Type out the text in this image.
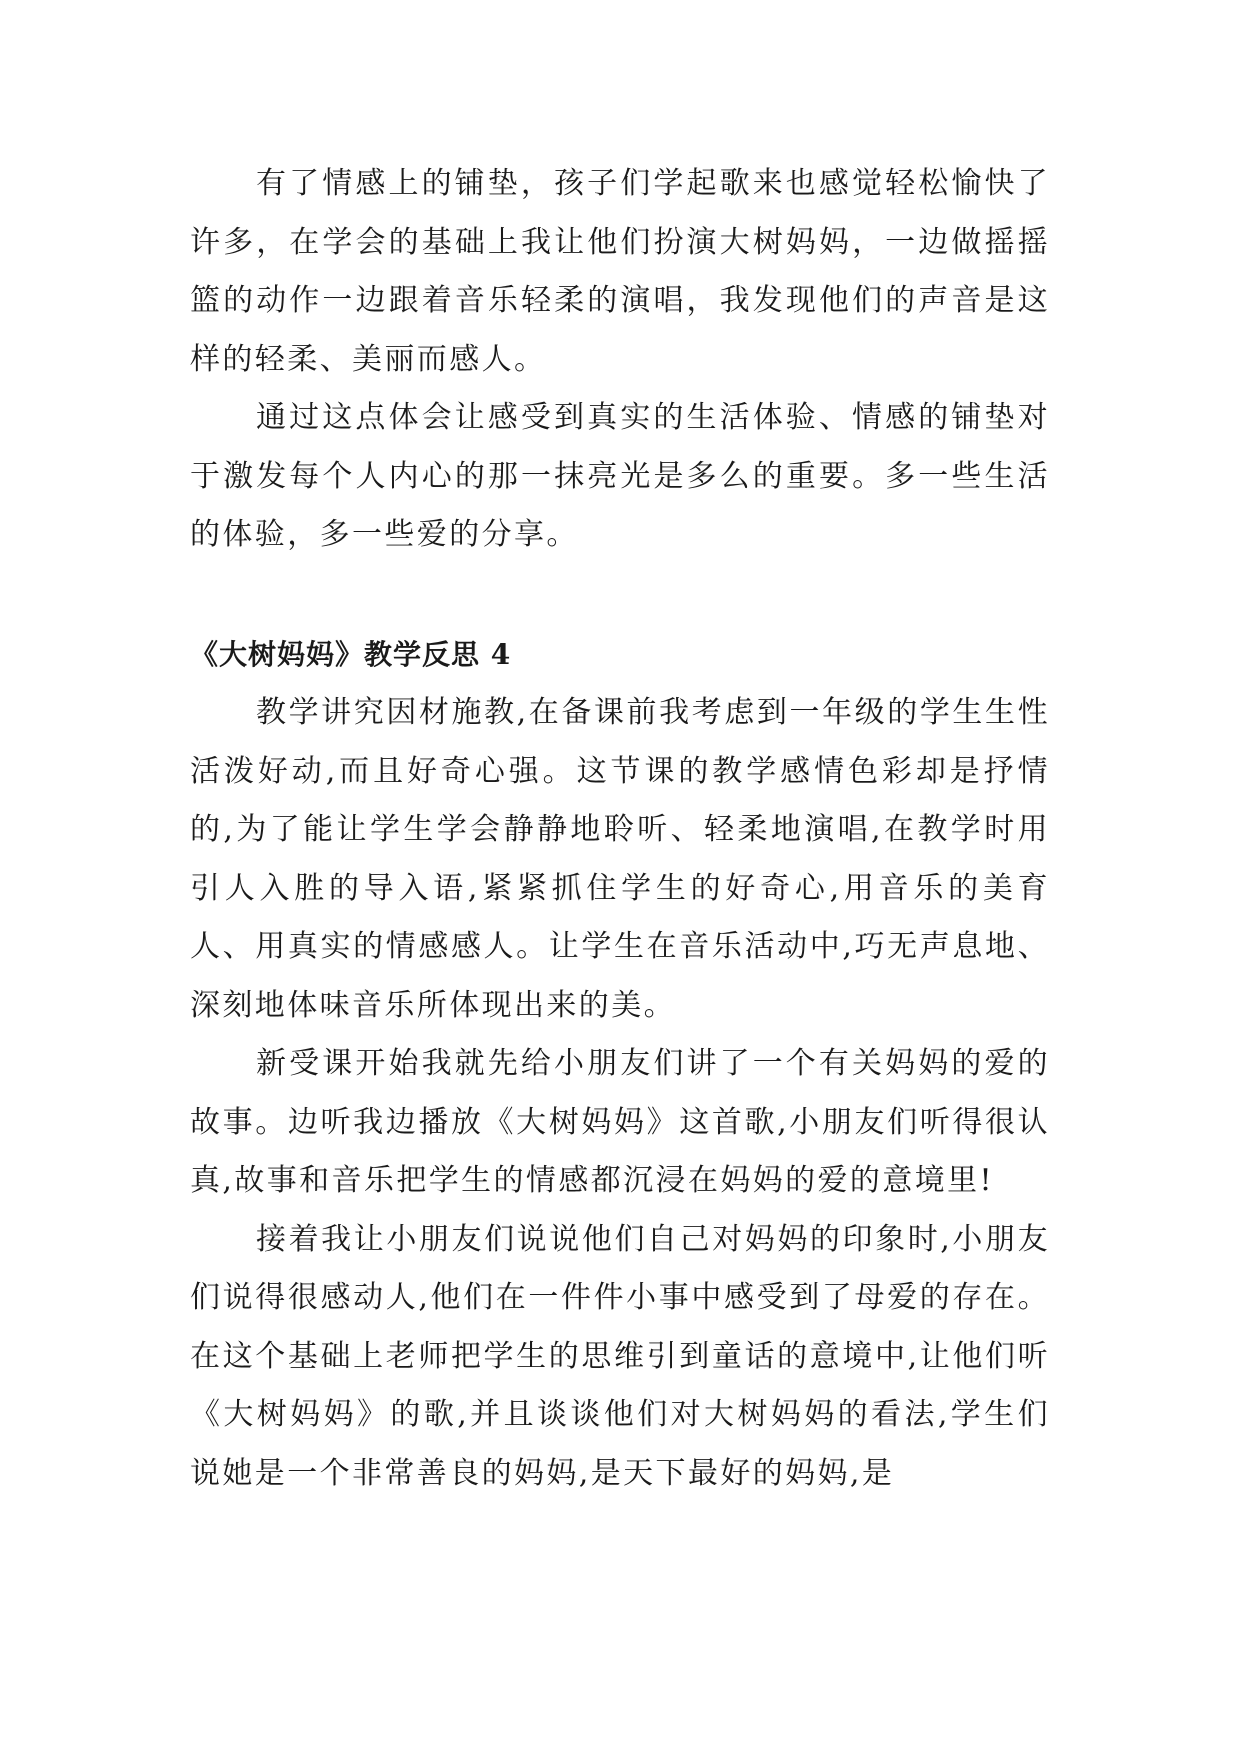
有了情感上的铺垫，孩子们学起歌来也感觉轻松愉快了许多，在学会的基础上我让他们扮演大树妈妈，一边做摇摇篮的动作一边跟着音乐轻柔的演唱，我发现他们的声音是这样的轻柔、美丽而感人。

通过这点体会让感受到真实的生活体验、情感的铺垫对于激发每个人内心的那一抹亮光是多么的重要。多一些生活的体验，多一些爱的分享。

《大树妈妈》教学反思 4

教学讲究因材施教,在备课前我考虑到一年级的学生生性活泼好动,而且好奇心强。这节课的教学感情色彩却是抒情的,为了能让学生学会静静地聆听、轻柔地演唱,在教学时用引人入胜的导入语,紧紧抓住学生的好奇心,用音乐的美育人、用真实的情感感人。让学生在音乐活动中,巧无声息地、深刻地体味音乐所体现出来的美。

新受课开始我就先给小朋友们讲了一个有关妈妈的爱的故事。边听我边播放《大树妈妈》这首歌,小朋友们听得很认真,故事和音乐把学生的情感都沉浸在妈妈的爱的意境里!

接着我让小朋友们说说他们自己对妈妈的印象时,小朋友们说得很感动人,他们在一件件小事中感受到了母爱的存在。在这个基础上老师把学生的思维引到童话的意境中,让他们听《大树妈妈》的歌,并且谈谈他们对大树妈妈的看法,学生们说她是一个非常善良的妈妈,是天下最好的妈妈,是
